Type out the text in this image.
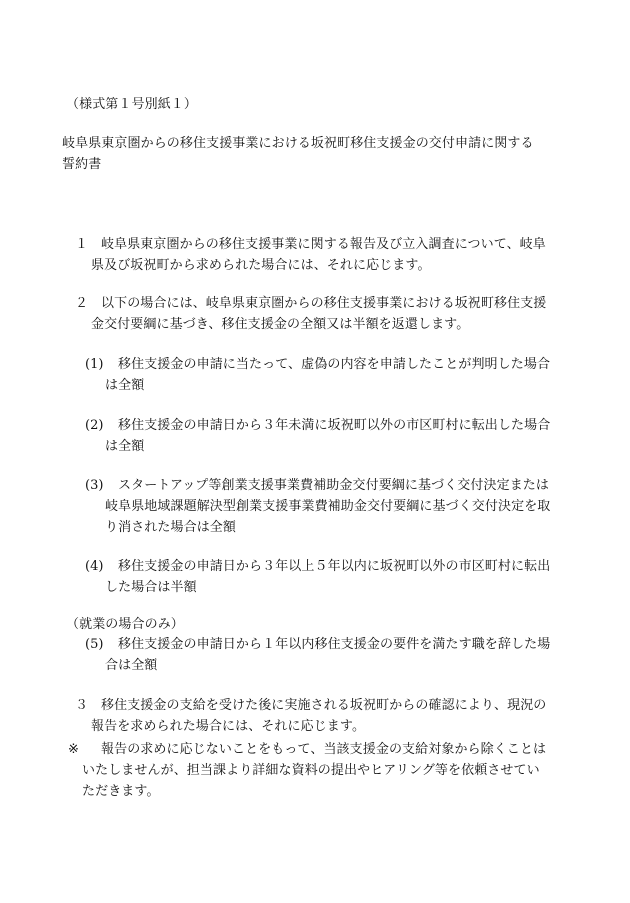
（様式第１号別紙１）
岐阜県東京圏からの移住支援事業における坂祝町移住支援金の交付申請に関する
誓約書
１ 岐阜県東京圏からの移住支援事業に関する報告及び立入調査について、岐阜
県及び坂祝町から求められた場合には、それに応じます。
２ 以下の場合には、岐阜県東京圏からの移住支援事業における坂祝町移住支援
金交付要綱に基づき、移住支援金の全額又は半額を返還します。
(1) 移住支援金の申請に当たって、虚偽の内容を申請したことが判明した場合
は全額
(2) 移住支援金の申請日から３年未満に坂祝町以外の市区町村に転出した場合
は全額
(3) スタートアップ等創業支援事業費補助金交付要綱に基づく交付決定または
岐阜県地域課題解決型創業支援事業費補助金交付要綱に基づく交付決定を取
り消された場合は全額
(4) 移住支援金の申請日から３年以上５年以内に坂祝町以外の市区町村に転出
した場合は半額
（就業の場合のみ）
(5) 移住支援金の申請日から１年以内移住支援金の要件を満たす職を辞した場
合は全額
３ 移住支援金の支給を受けた後に実施される坂祝町からの確認により、現況の
報告を求められた場合には、それに応じます。
※ 報告の求めに応じないことをもって、当該支援金の支給対象から除くことは
いたしませんが、担当課より詳細な資料の提出やヒアリング等を依頼させてい
ただきます。
